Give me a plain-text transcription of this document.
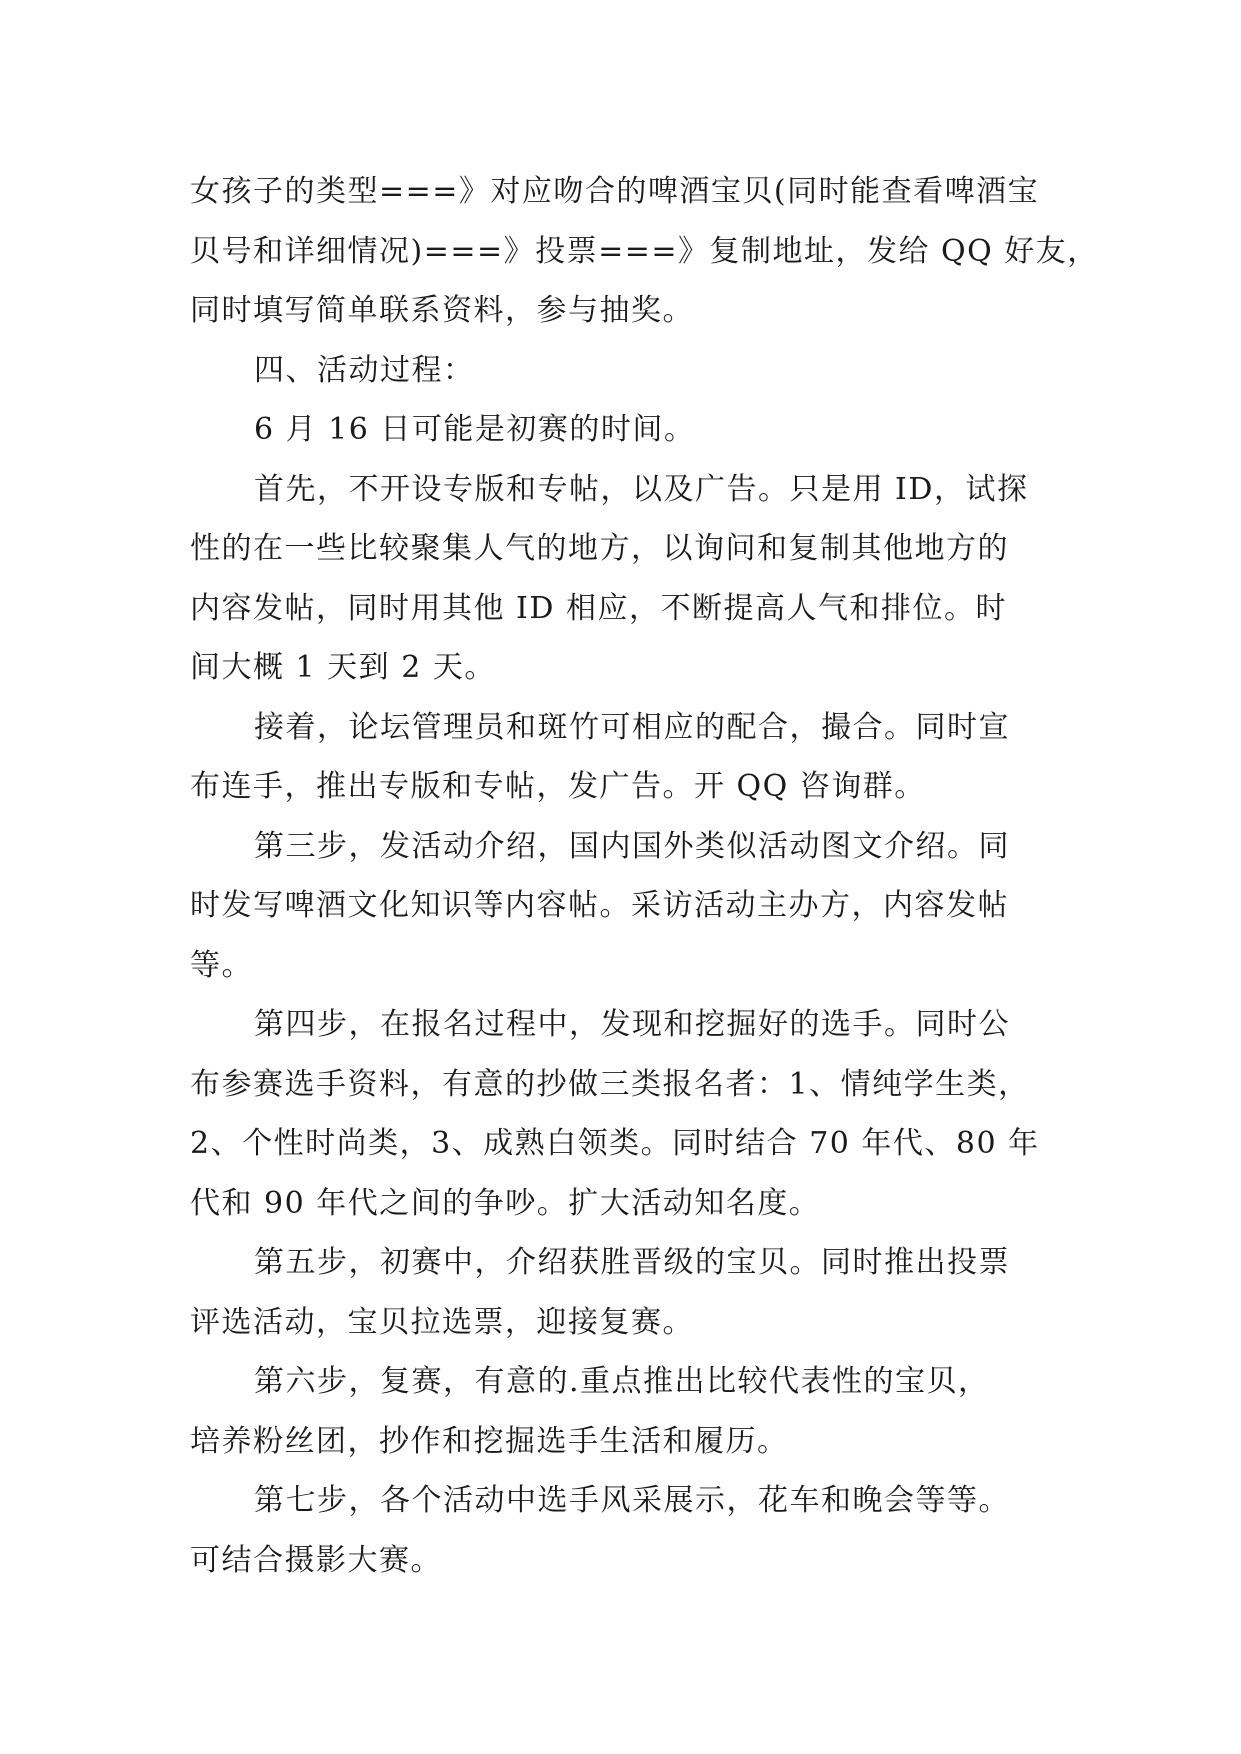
女孩子的类型===》对应吻合的啤酒宝贝(同时能查看啤酒宝
贝号和详细情况)===》投票===》复制地址，发给 QQ 好友，
同时填写简单联系资料，参与抽奖。
四、活动过程：
6 月 16 日可能是初赛的时间。
首先，不开设专版和专帖，以及广告。只是用 ID，试探
性的在一些比较聚集人气的地方，以询问和复制其他地方的
内容发帖，同时用其他 ID 相应，不断提高人气和排位。时
间大概 1 天到 2 天。
接着，论坛管理员和斑竹可相应的配合，撮合。同时宣
布连手，推出专版和专帖，发广告。开 QQ 咨询群。
第三步，发活动介绍，国内国外类似活动图文介绍。同
时发写啤酒文化知识等内容帖。采访活动主办方，内容发帖
等。
第四步，在报名过程中，发现和挖掘好的选手。同时公
布参赛选手资料，有意的抄做三类报名者：1、情纯学生类，
2、个性时尚类，3、成熟白领类。同时结合 70 年代、80 年
代和 90 年代之间的争吵。扩大活动知名度。
第五步，初赛中，介绍获胜晋级的宝贝。同时推出投票
评选活动，宝贝拉选票，迎接复赛。
第六步，复赛，有意的.重点推出比较代表性的宝贝，
培养粉丝团，抄作和挖掘选手生活和履历。
第七步，各个活动中选手风采展示，花车和晚会等等。
可结合摄影大赛。
